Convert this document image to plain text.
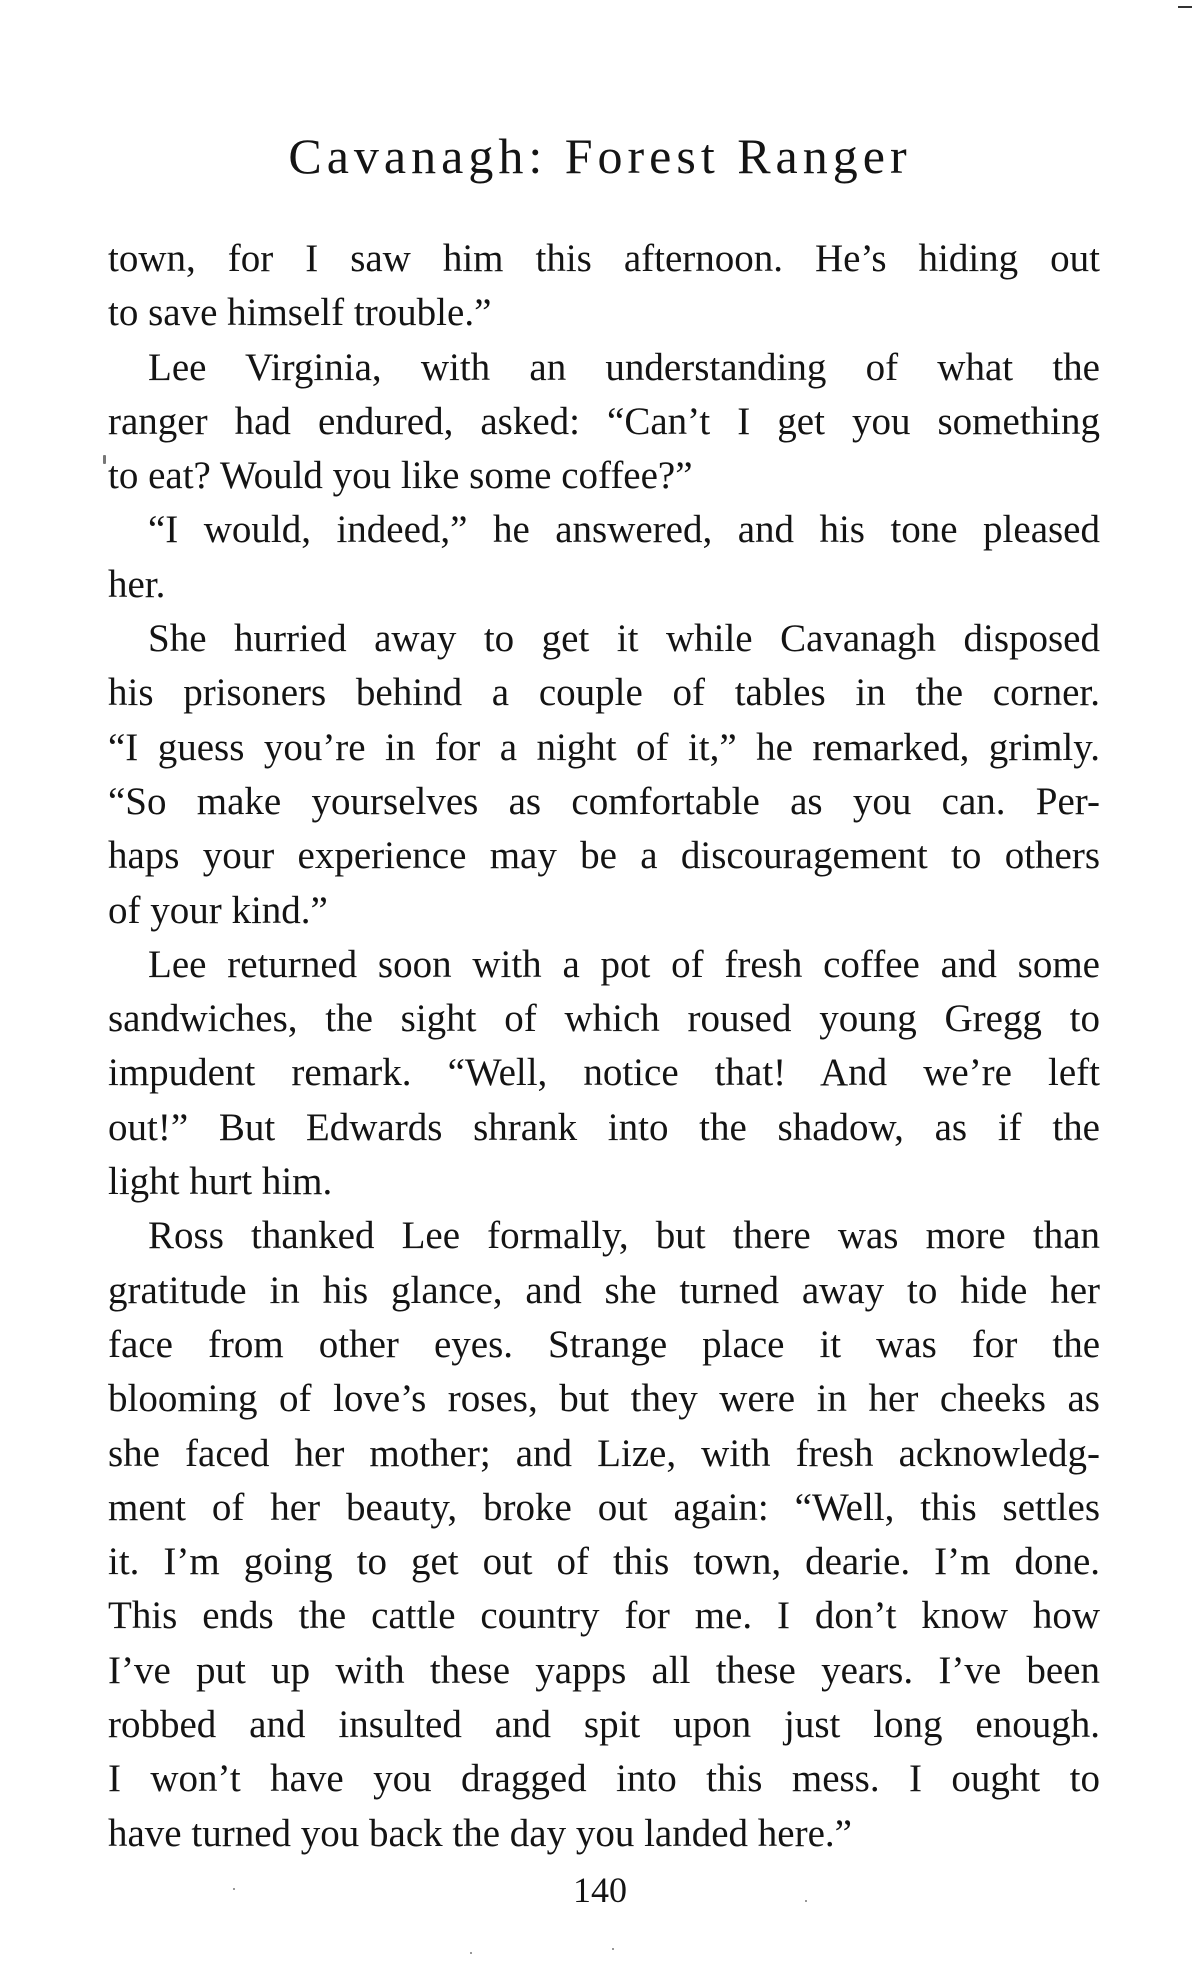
Cavanagh: Forest Ranger
town, for I saw him this afternoon. He’s hiding out
to save himself trouble.”
Lee Virginia, with an understanding of what the
ranger had endured, asked: “Can’t I get you something
to eat? Would you like some coffee?”
“I would, indeed,” he answered, and his tone pleased
her.
She hurried away to get it while Cavanagh disposed
his prisoners behind a couple of tables in the corner.
“I guess you’re in for a night of it,” he remarked, grimly.
“So make yourselves as comfortable as you can. Per-
haps your experience may be a discouragement to others
of your kind.”
Lee returned soon with a pot of fresh coffee and some
sandwiches, the sight of which roused young Gregg to
impudent remark. “Well, notice that! And we’re left
out!” But Edwards shrank into the shadow, as if the
light hurt him.
Ross thanked Lee formally, but there was more than
gratitude in his glance, and she turned away to hide her
face from other eyes. Strange place it was for the
blooming of love’s roses, but they were in her cheeks as
she faced her mother; and Lize, with fresh acknowledg-
ment of her beauty, broke out again: “Well, this settles
it. I’m going to get out of this town, dearie. I’m done.
This ends the cattle country for me. I don’t know how
I’ve put up with these yapps all these years. I’ve been
robbed and insulted and spit upon just long enough.
I won’t have you dragged into this mess. I ought to
have turned you back the day you landed here.”
140
